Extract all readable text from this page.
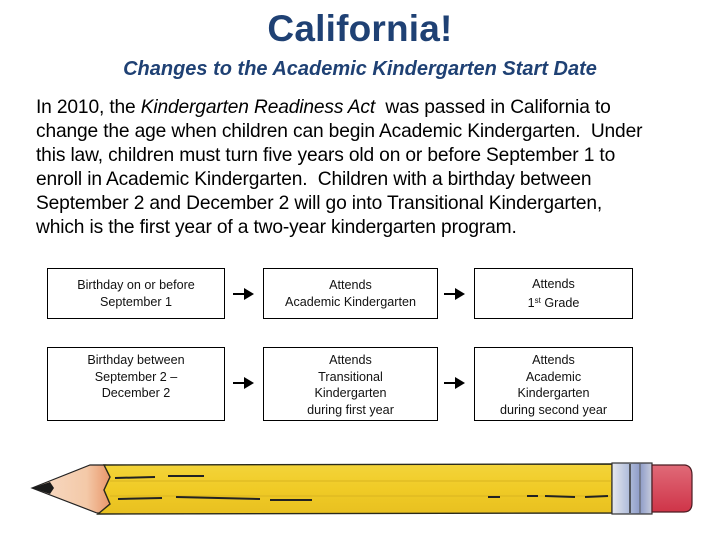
California!
Changes to the Academic Kindergarten Start Date

In 2010, the Kindergarten Readiness Act  was passed in California to

change the age when children can begin Academic Kindergarten.  Under

this law, children must turn five years old on or before September 1 to

enroll in Academic Kindergarten.  Children with a birthday between

September 2 and December 2 will go into Transitional Kindergarten,

which is the first year of a two-year kindergarten program.

Birthday on or before
September 1
Attends
Academic Kindergarten
Attends
1st Grade
Birthday between
September 2 –
December 2
Attends
Transitional
Kindergarten
during first year
Attends
Academic
Kindergarten
during second year
